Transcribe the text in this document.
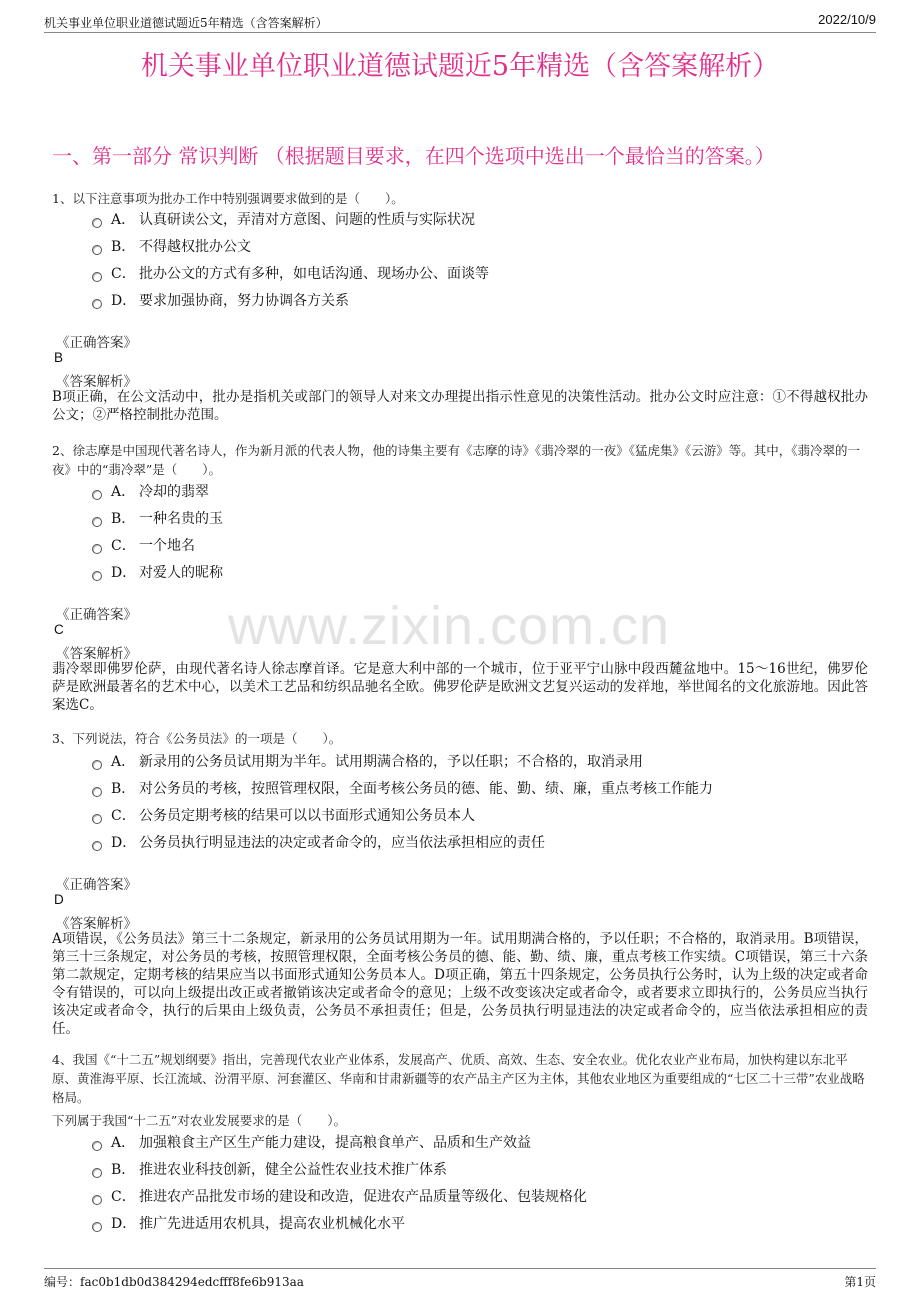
机关事业单位职业道德试题近5年精选（含答案解析）	2022/10/9
机关事业单位职业道德试题近5年精选（含答案解析）
一、第一部分 常识判断 （根据题目要求，在四个选项中选出一个最恰当的答案。）
www.zixin.com.cn
1、以下注意事项为批办工作中特别强调要求做到的是（　　）。
A． 认真研读公文，弄清对方意图、问题的性质与实际状况
B． 不得越权批办公文
C． 批办公文的方式有多种，如电话沟通、现场办公、面谈等
D． 要求加强协商，努力协调各方关系
《正确答案》
B
《答案解析》
B项正确，在公文活动中，批办是指机关或部门的领导人对来文办理提出指示性意见的决策性活动。批办公文时应注意：①不得越权批办公文；②严格控制批办范围。
2、徐志摩是中国现代著名诗人，作为新月派的代表人物，他的诗集主要有《志摩的诗》《翡冷翠的一夜》《猛虎集》《云游》等。其中，《翡冷翠的一夜》中的“翡冷翠”是（　　）。
A． 冷却的翡翠
B． 一种名贵的玉
C． 一个地名
D． 对爱人的昵称
《正确答案》
C
《答案解析》
翡冷翠即佛罗伦萨，由现代著名诗人徐志摩首译。它是意大利中部的一个城市，位于亚平宁山脉中段西麓盆地中。15～16世纪，佛罗伦萨是欧洲最著名的艺术中心，以美术工艺品和纺织品驰名全欧。佛罗伦萨是欧洲文艺复兴运动的发祥地，举世闻名的文化旅游地。因此答案选C。
3、下列说法，符合《公务员法》的一项是（　　）。
A． 新录用的公务员试用期为半年。试用期满合格的，予以任职；不合格的，取消录用
B． 对公务员的考核，按照管理权限，全面考核公务员的德、能、勤、绩、廉，重点考核工作能力
C． 公务员定期考核的结果可以以书面形式通知公务员本人
D． 公务员执行明显违法的决定或者命令的，应当依法承担相应的责任
《正确答案》
D
《答案解析》
A项错误，《公务员法》第三十二条规定，新录用的公务员试用期为一年。试用期满合格的，予以任职；不合格的，取消录用。B项错误，第三十三条规定，对公务员的考核，按照管理权限，全面考核公务员的德、能、勤、绩、廉，重点考核工作实绩。C项错误，第三十六条第二款规定，定期考核的结果应当以书面形式通知公务员本人。D项正确，第五十四条规定，公务员执行公务时，认为上级的决定或者命令有错误的，可以向上级提出改正或者撤销该决定或者命令的意见；上级不改变该决定或者命令，或者要求立即执行的，公务员应当执行该决定或者命令，执行的后果由上级负责，公务员不承担责任；但是，公务员执行明显违法的决定或者命令的，应当依法承担相应的责任。
4、我国《“十二五”规划纲要》指出，完善现代农业产业体系，发展高产、优质、高效、生态、安全农业。优化农业产业布局，加快构建以东北平原、黄淮海平原、长江流域、汾渭平原、河套灌区、华南和甘肃新疆等的农产品主产区为主体，其他农业地区为重要组成的“七区二十三带”农业战略格局。
下列属于我国“十二五”对农业发展要求的是（　　）。
A． 加强粮食主产区生产能力建设，提高粮食单产、品质和生产效益
B． 推进农业科技创新，健全公益性农业技术推广体系
C． 推进农产品批发市场的建设和改造，促进农产品质量等级化、包装规格化
D． 推广先进适用农机具，提高农业机械化水平
编号：fac0b1db0d384294edcfff8fe6b913aa	第1页
